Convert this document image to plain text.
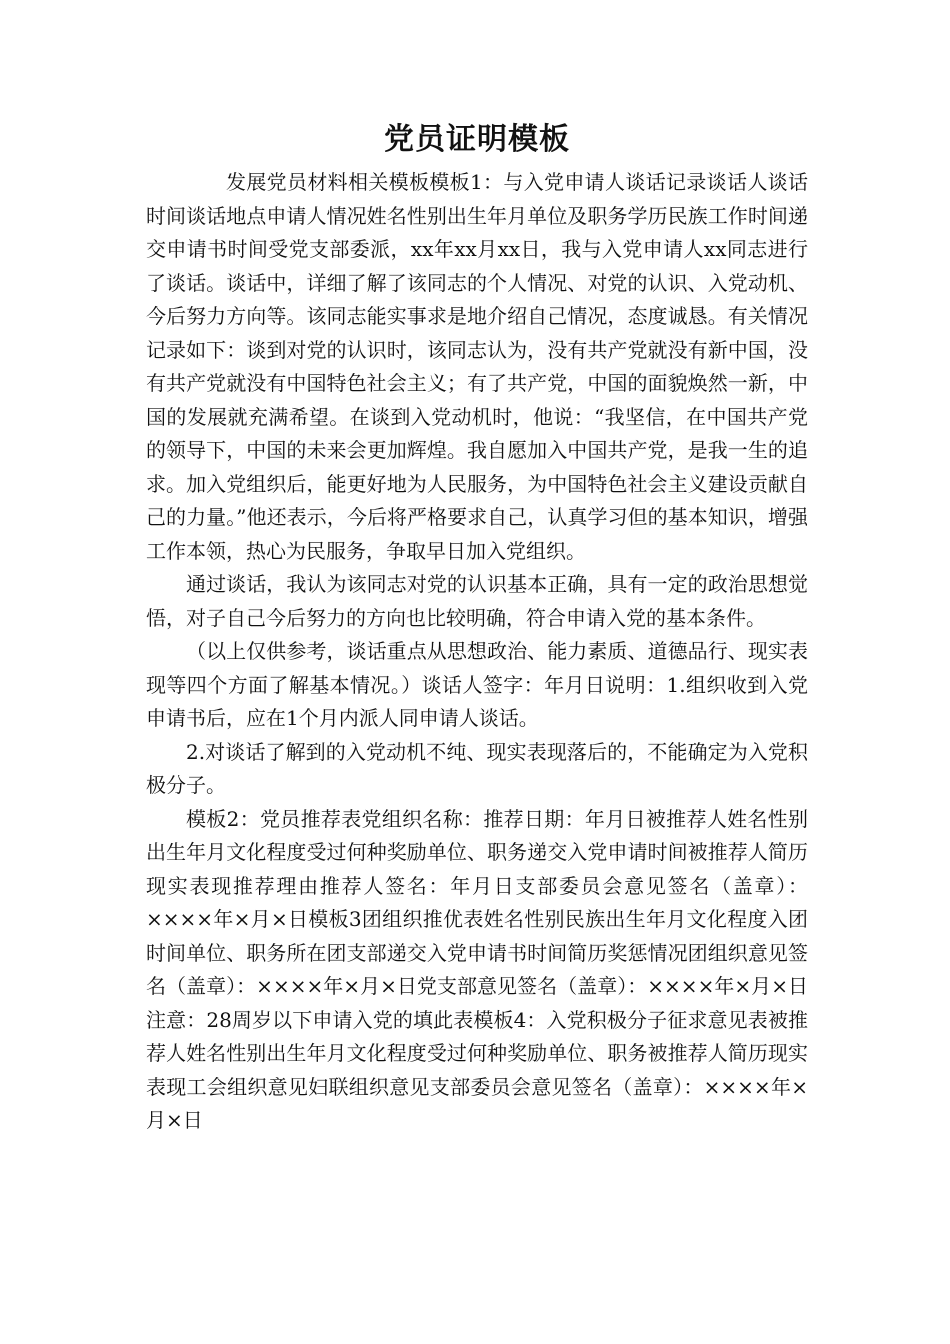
党员证明模板

发展党员材料相关模板模板1：与入党申请人谈话记录谈话人谈话时间谈话地点申请人情况姓名性别出生年月单位及职务学历民族工作时间递交申请书时间受党支部委派，xx年xx月xx日，我与入党申请人xx同志进行了谈话。谈话中，详细了解了该同志的个人情况、对党的认识、入党动机、今后努力方向等。该同志能实事求是地介绍自己情况，态度诚恳。有关情况记录如下：谈到对党的认识时，该同志认为，没有共产党就没有新中国，没有共产党就没有中国特色社会主义；有了共产党，中国的面貌焕然一新，中国的发展就充满希望。在谈到入党动机时，他说：“我坚信，在中国共产党的领导下，中国的未来会更加辉煌。我自愿加入中国共产党，是我一生的追求。加入党组织后，能更好地为人民服务，为中国特色社会主义建设贡献自己的力量。”他还表示，今后将严格要求自己，认真学习但的基本知识，增强工作本领，热心为民服务，争取早日加入党组织。

通过谈话，我认为该同志对党的认识基本正确，具有一定的政治思想觉悟，对子自己今后努力的方向也比较明确，符合申请入党的基本条件。

（以上仅供参考，谈话重点从思想政治、能力素质、道德品行、现实表现等四个方面了解基本情况。）谈话人签字：年月日说明：1.组织收到入党申请书后，应在1个月内派人同申请人谈话。

2.对谈话了解到的入党动机不纯、现实表现落后的，不能确定为入党积极分子。

模板2：党员推荐表党组织名称：推荐日期：年月日被推荐人姓名性别出生年月文化程度受过何种奖励单位、职务递交入党申请时间被推荐人简历现实表现推荐理由推荐人签名：年月日支部委员会意见签名（盖章）：××××年×月×日模板3团组织推优表姓名性别民族出生年月文化程度入团时间单位、职务所在团支部递交入党申请书时间简历奖惩情况团组织意见签名（盖章）：××××年×月×日党支部意见签名（盖章）：××××年×月×日注意：28周岁以下申请入党的填此表模板4：入党积极分子征求意见表被推荐人姓名性别出生年月文化程度受过何种奖励单位、职务被推荐人简历现实表现工会组织意见妇联组织意见支部委员会意见签名（盖章）：××××年×月×日
